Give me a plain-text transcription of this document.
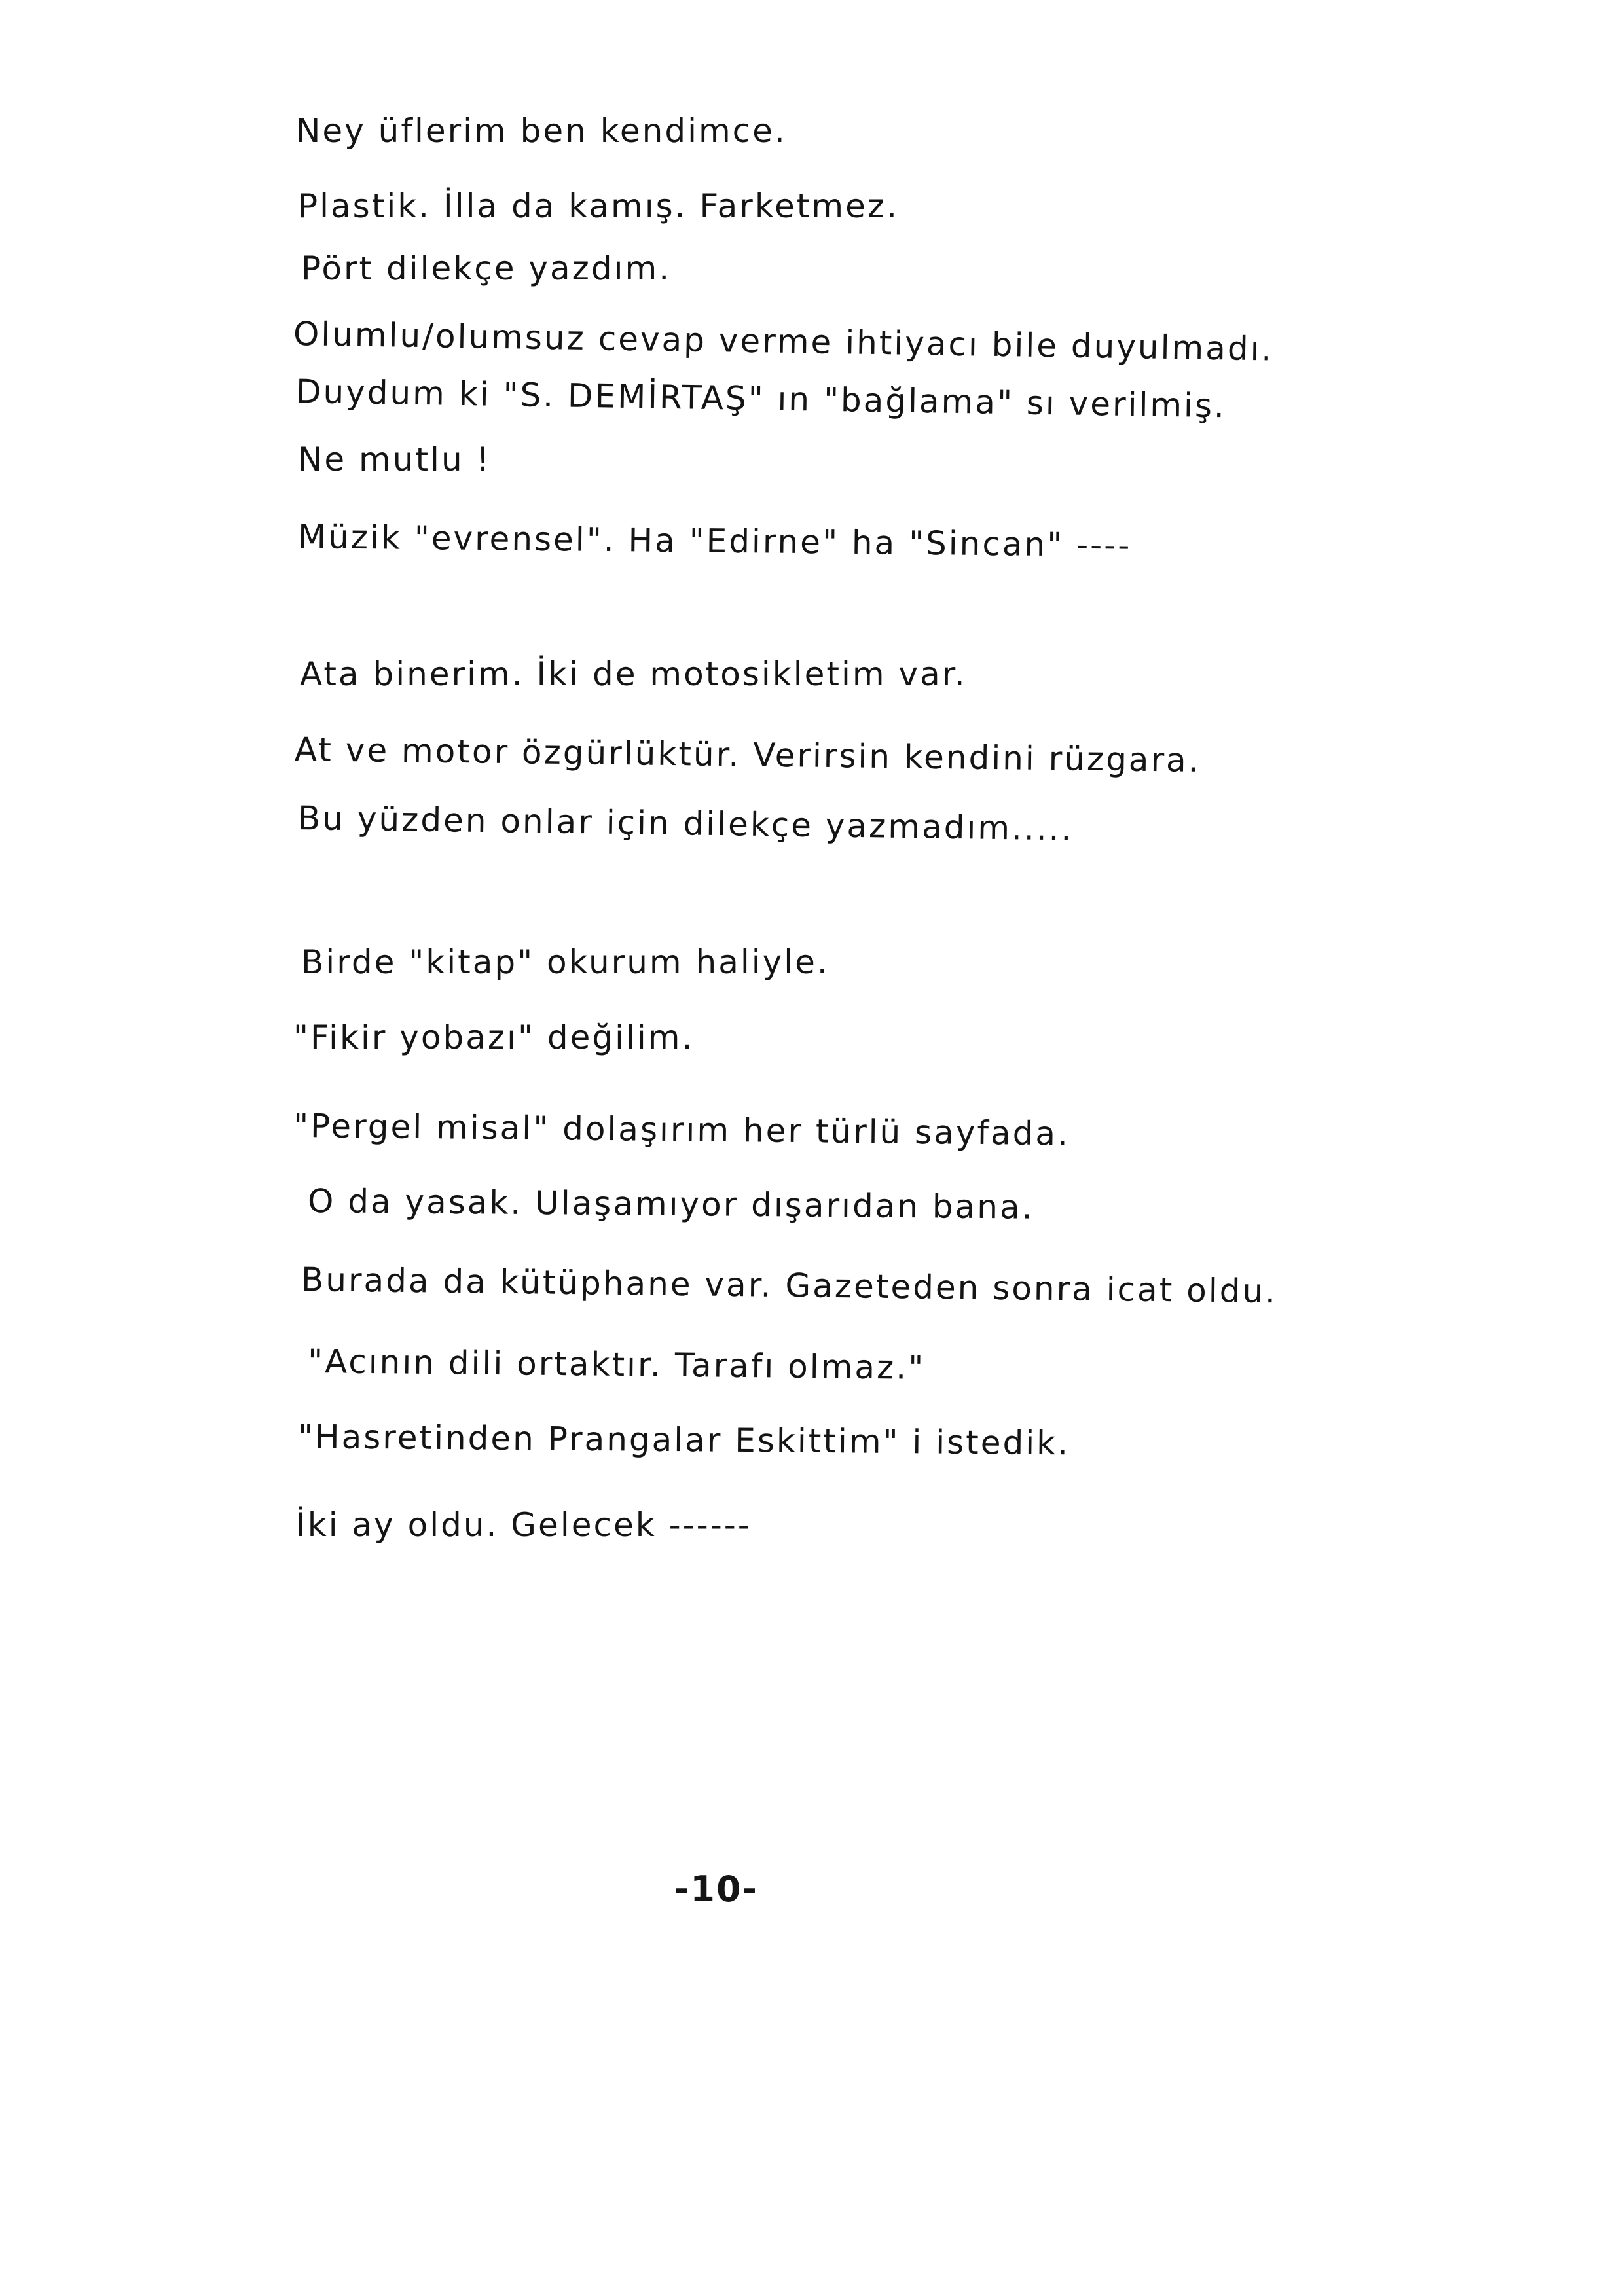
Ney üflerim ben kendimce.
Plastik. İlla da kamış. Farketmez.
Pört dilekçe yazdım.
Olumlu/olumsuz cevap verme ihtiyacı bile duyulmadı.
Duydum ki "S. DEMİRTAŞ" ın "bağlama" sı verilmiş.
Ne mutlu !
Müzik "evrensel". Ha "Edirne" ha "Sincan" ----
Ata binerim. İki de motosikletim var.
At ve motor özgürlüktür. Verirsin kendini rüzgara.
Bu yüzden onlar için dilekçe yazmadım.....
Birde "kitap" okurum haliyle.
"Fikir yobazı" değilim.
"Pergel misal" dolaşırım her türlü sayfada.
O da yasak. Ulaşamıyor dışarıdan bana.
Burada da kütüphane var. Gazeteden sonra icat oldu.
"Acının dili ortaktır. Tarafı olmaz."
"Hasretinden Prangalar Eskittim" i istedik.
İki ay oldu. Gelecek ------
-10-
